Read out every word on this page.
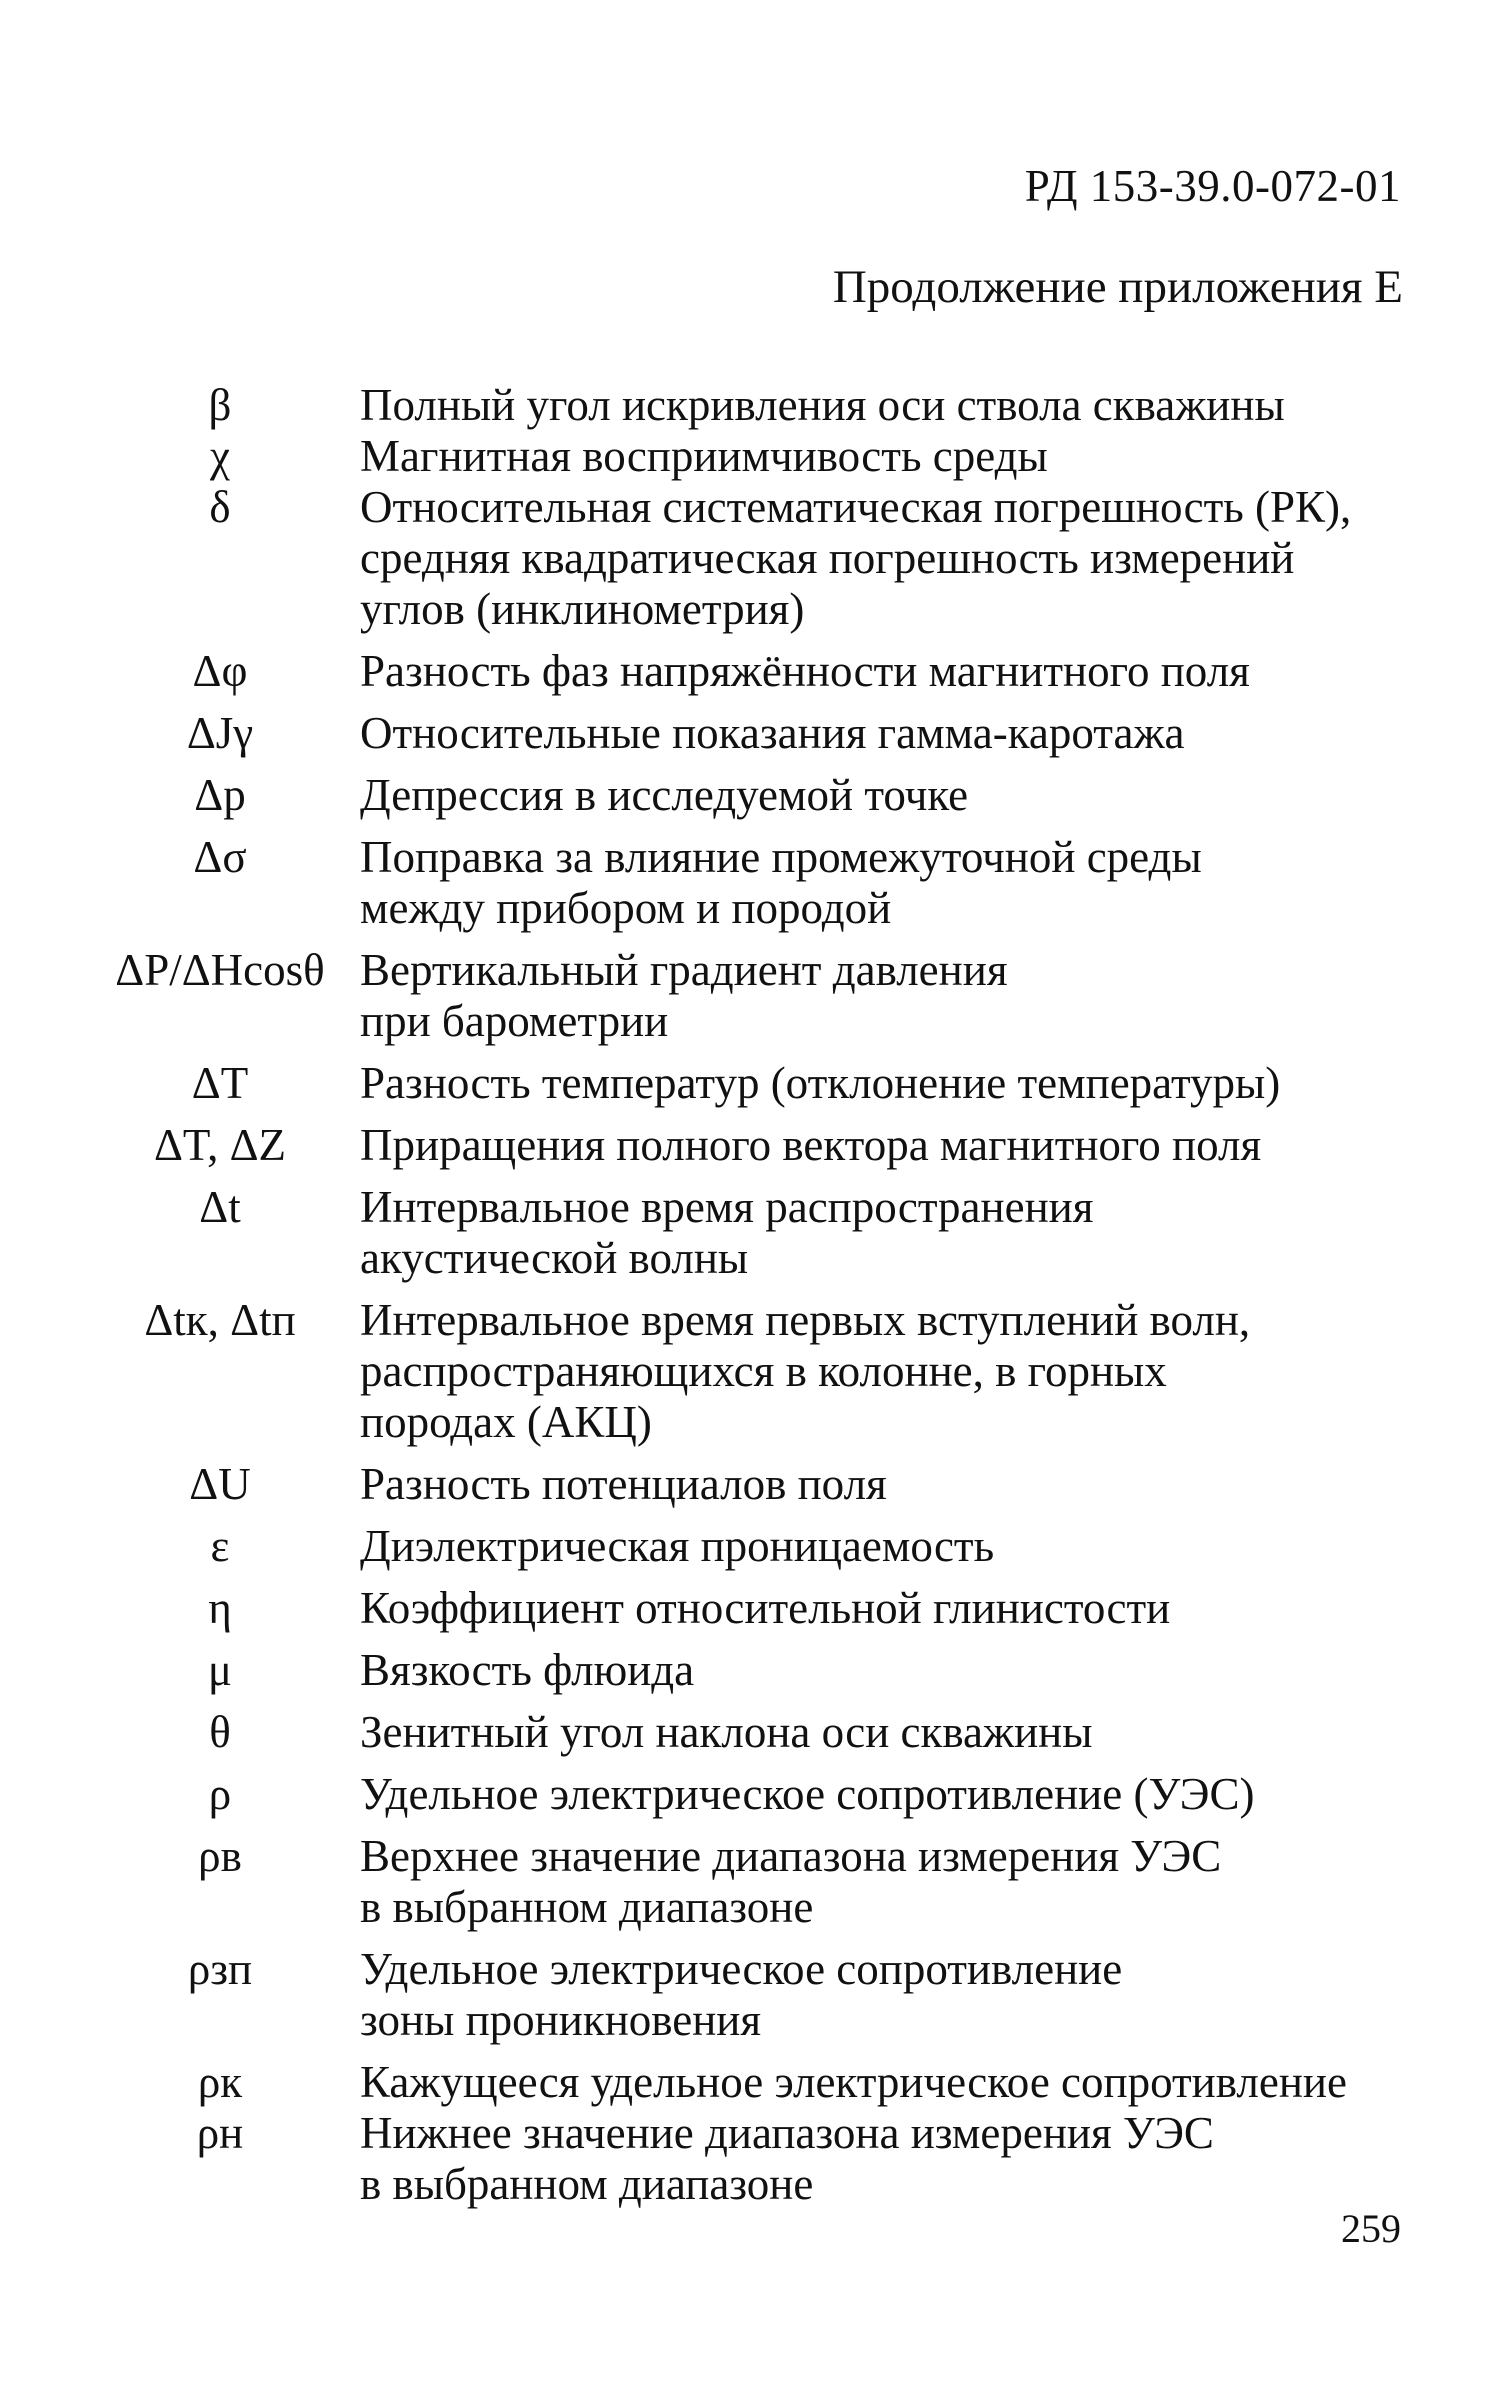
РД 153-39.0-072-01
Продолжение приложения Е
β	Полный угол искривления оси ствола скважины
χ	Магнитная восприимчивость среды
δ	Относительная систематическая погрешность (РК),
средняя квадратическая погрешность измерений
углов (инклинометрия)
Δφ	Разность фаз напряжённости магнитного поля
ΔJγ	Относительные показания гамма-каротажа
Δp	Депрессия в исследуемой точке
Δσ	Поправка за влияние промежуточной среды
между прибором и породой
ΔP/ΔHcosθ Вертикальный градиент давления
при барометрии
ΔT	Разность температур (отклонение температуры)
ΔT, ΔZ	Приращения полного вектора магнитного поля
Δt	Интервальное время распространения
акустической волны
Δtк, Δtп	Интервальное время первых вступлений волн,
распространяющихся в колонне, в горных
породах (АКЦ)
ΔU	Разность потенциалов поля
ε	Диэлектрическая проницаемость
η	Коэффициент относительной глинистости
μ	Вязкость флюида
θ	Зенитный угол наклона оси скважины
ρ	Удельное электрическое сопротивление (УЭС)
ρв	Верхнее значение диапазона измерения УЭС
в выбранном диапазоне
ρзп	Удельное электрическое сопротивление
зоны проникновения
ρк	Кажущееся удельное электрическое сопротивление
ρн	Нижнее значение диапазона измерения УЭС
в выбранном диапазоне
259
